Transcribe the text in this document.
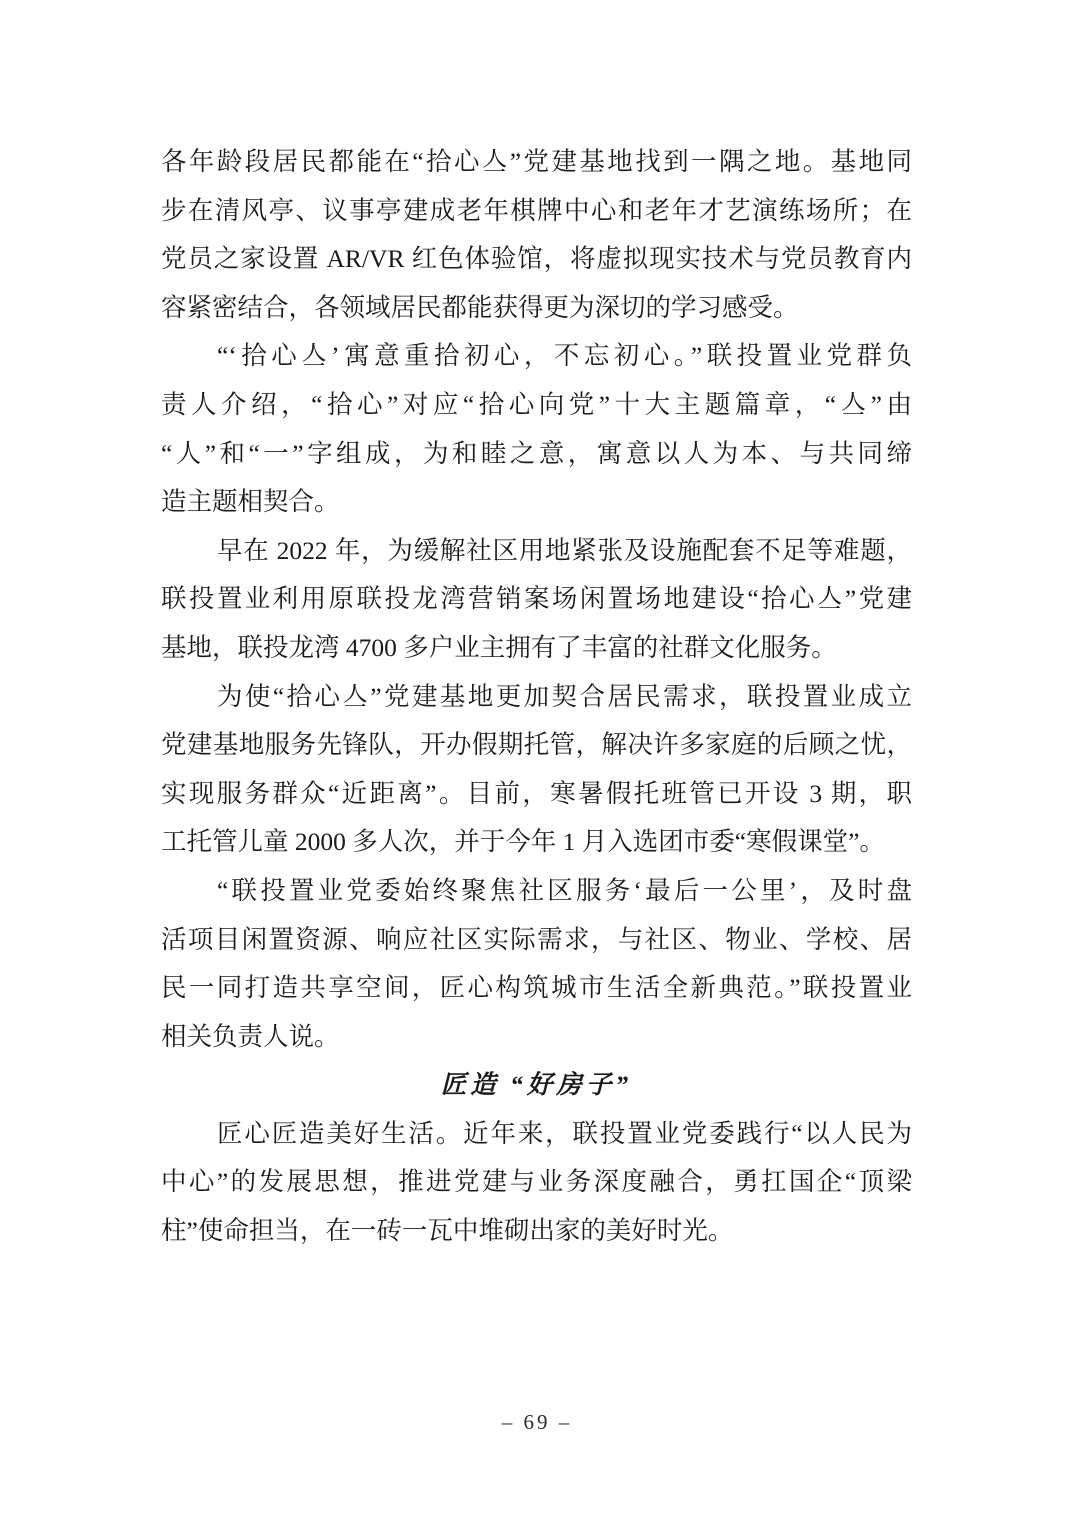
各年龄段居民都能在“拾心亼”党建基地找到一隅之地。基地同
步在清风亭、议事亭建成老年棋牌中心和老年才艺演练场所；在
党员之家设置 AR/VR 红色体验馆，将虚拟现实技术与党员教育内
容紧密结合，各领域居民都能获得更为深切的学习感受。
“‘拾心亼’寓意重拾初心，不忘初心。”联投置业党群负
责人介绍，“拾心”对应“拾心向党”十大主题篇章，“亼”由
“人”和“一”字组成，为和睦之意，寓意以人为本、与共同缔
造主题相契合。
早在 2022 年，为缓解社区用地紧张及设施配套不足等难题，
联投置业利用原联投龙湾营销案场闲置场地建设“拾心亼”党建
基地，联投龙湾 4700 多户业主拥有了丰富的社群文化服务。
为使“拾心亼”党建基地更加契合居民需求，联投置业成立
党建基地服务先锋队，开办假期托管，解决许多家庭的后顾之忧，
实现服务群众“近距离”。目前，寒暑假托班管已开设 3 期，职
工托管儿童 2000 多人次，并于今年 1 月入选团市委“寒假课堂”。
“联投置业党委始终聚焦社区服务‘最后一公里’，及时盘
活项目闲置资源、响应社区实际需求，与社区、物业、学校、居
民一同打造共享空间，匠心构筑城市生活全新典范。”联投置业
相关负责人说。
匠造 “好房子”
匠心匠造美好生活。近年来，联投置业党委践行“以人民为
中心”的发展思想，推进党建与业务深度融合，勇扛国企“顶梁
柱”使命担当，在一砖一瓦中堆砌出家的美好时光。
– 69 –
